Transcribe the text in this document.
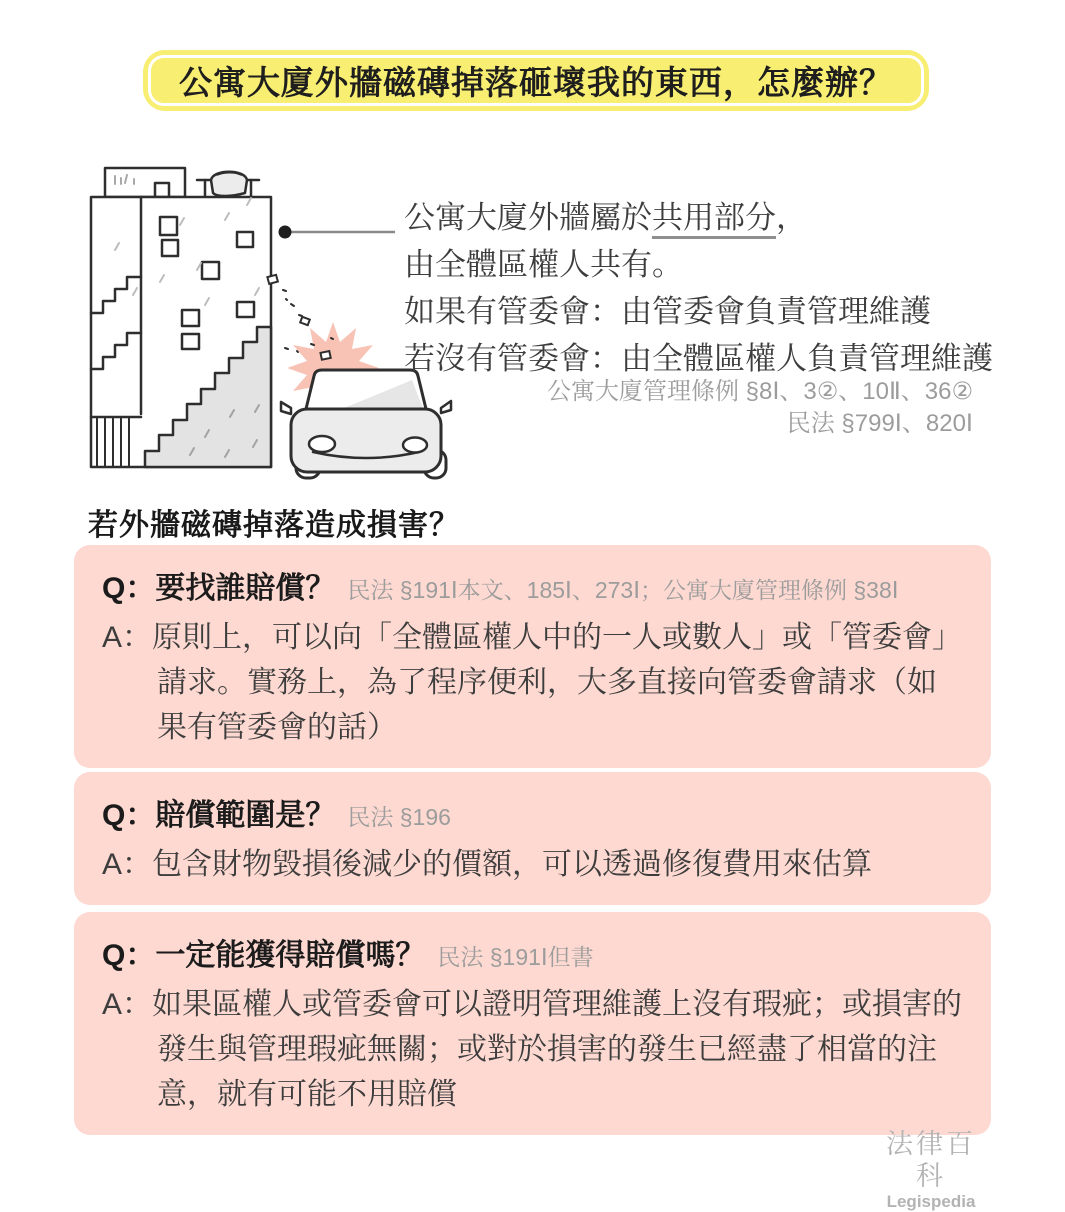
公寓大廈外牆磁磚掉落砸壞我的東西，怎麼辦？
公寓大廈外牆屬於共用部分，
由全體區權人共有。
如果有管委會：由管委會負責管理維護
若沒有管委會：由全體區權人負責管理維護
公寓大廈管理條例 §8Ⅰ、3②、10Ⅱ、36②
民法 §799Ⅰ、820Ⅰ
若外牆磁磚掉落造成損害？
Q：要找誰賠償？ 民法 §191Ⅰ本文、185Ⅰ、273Ⅰ；公寓大廈管理條例 §38Ⅰ
A：原則上，可以向「全體區權人中的一人或數人」或「管委會」請求。實務上，為了程序便利，大多直接向管委會請求（如果有管委會的話）
Q：賠償範圍是？ 民法 §196
A：包含財物毀損後減少的價額，可以透過修復費用來估算
Q：一定能獲得賠償嗎？ 民法 §191Ⅰ但書
A：如果區權人或管委會可以證明管理維護上沒有瑕疵；或損害的發生與管理瑕疵無關；或對於損害的發生已經盡了相當的注意，就有可能不用賠償
法律百科
Legispedia
